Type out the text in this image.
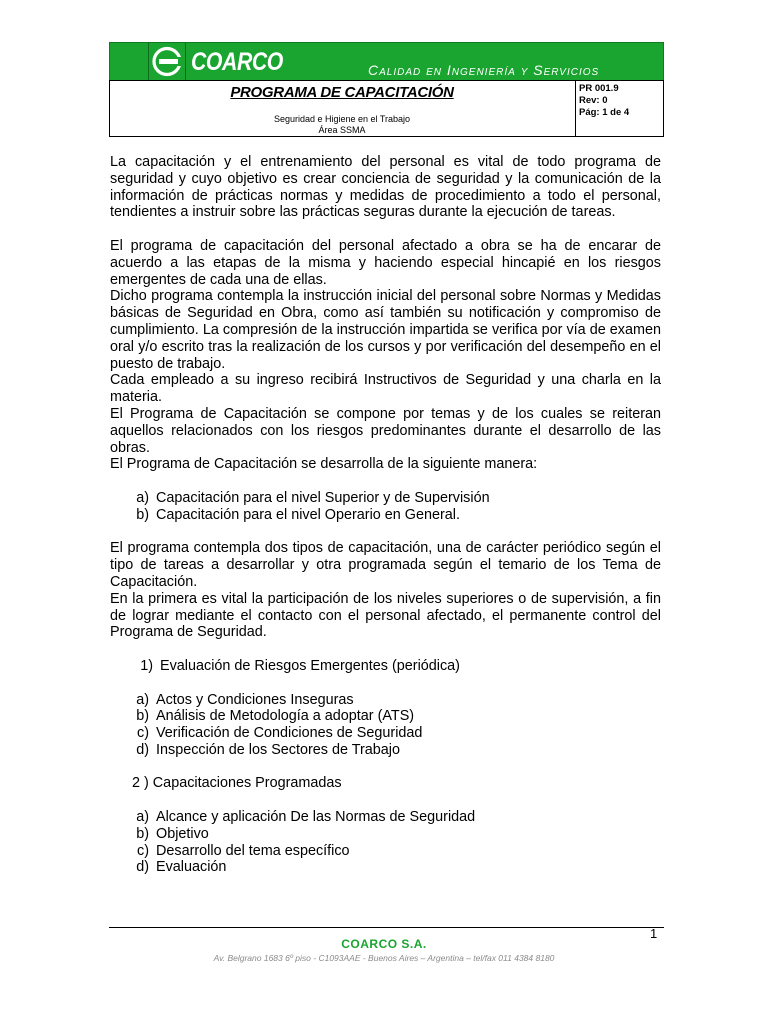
COARCO	Calidad en Ingeniería y Servicios
PROGRAMA DE CAPACITACIÓN
Seguridad e Higiene en el Trabajo
Área SSMA
PR 001.9
Rev: 0
Pág: 1 de 4

La capacitación y el entrenamiento del personal es vital de todo programa de seguridad y cuyo objetivo es crear conciencia de seguridad y la comunicación de la información de prácticas normas y medidas de procedimiento a todo el personal, tendientes a instruir sobre las prácticas seguras durante la ejecución de tareas.

El programa de capacitación del personal afectado a obra se ha de encarar de acuerdo a las etapas de la misma y haciendo especial hincapié en los riesgos emergentes de cada una de ellas.

Dicho programa contempla la instrucción inicial del personal sobre Normas y Medidas básicas de Seguridad en Obra, como así también su notificación y compromiso de cumplimiento. La compresión de la instrucción impartida se verifica por vía de examen oral y/o escrito tras la realización de los cursos y por verificación del desempeño en el puesto de trabajo.

Cada empleado a su ingreso recibirá Instructivos de Seguridad y una charla en la materia.

El Programa de Capacitación se compone por temas y de los cuales se reiteran aquellos relacionados con los riesgos predominantes durante el desarrollo de las obras.

El Programa de Capacitación se desarrolla de la siguiente manera:

a) Capacitación para el nivel Superior y de Supervisión
b) Capacitación para el nivel Operario en General.

El programa contempla dos tipos de capacitación, una de carácter periódico según el tipo de tareas a desarrollar y otra programada según el temario de los Tema de Capacitación.

En la primera es vital la participación de los niveles superiores o de supervisión, a fin de lograr mediante el contacto con el personal afectado, el permanente control del Programa de Seguridad.

1) Evaluación de Riesgos Emergentes (periódica)
a) Actos y Condiciones Inseguras
b) Análisis de Metodología a adoptar (ATS)
c) Verificación de Condiciones de Seguridad
d) Inspección de los Sectores de Trabajo

2 ) Capacitaciones Programadas

a) Alcance y aplicación De las Normas de Seguridad
b) Objetivo
c) Desarrollo del tema específico
d) Evaluación
1
COARCO S.A.
Av. Belgrano 1683 6º piso - C1093AAE - Buenos Aires – Argentina – tel/fax 011 4384 8180
